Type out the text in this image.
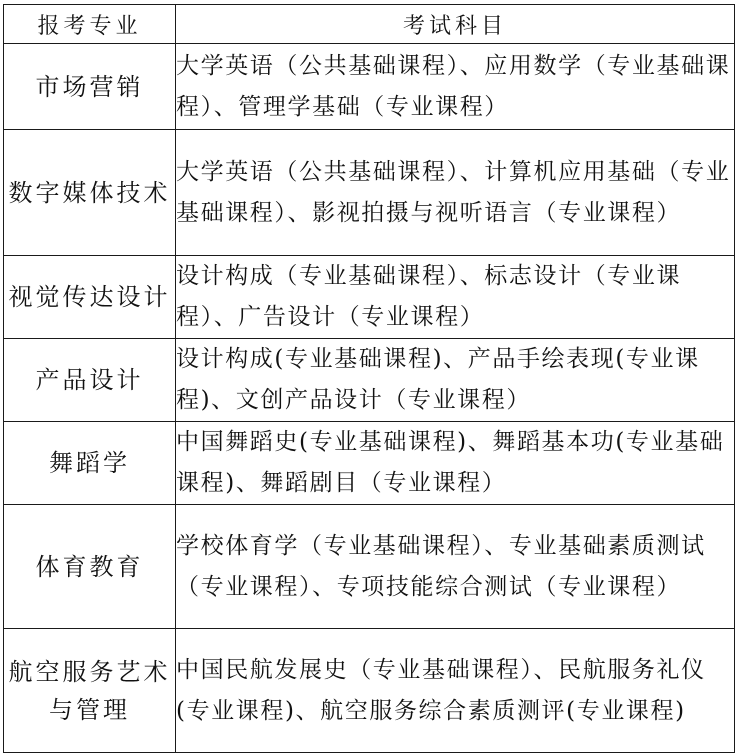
报考专业	考试科目
市场营销	大学英语（公共基础课程）、应用数学（专业基础课程）、管理学基础（专业课程）
数字媒体技术	大学英语（公共基础课程）、计算机应用基础（专业基础课程）、影视拍摄与视听语言（专业课程）
视觉传达设计	设计构成（专业基础课程）、标志设计（专业课程）、广告设计（专业课程）
产品设计	设计构成(专业基础课程)、产品手绘表现(专业课程)、文创产品设计（专业课程）
舞蹈学	中国舞蹈史(专业基础课程)、舞蹈基本功(专业基础课程)、舞蹈剧目（专业课程）
体育教育	学校体育学（专业基础课程）、专业基础素质测试（专业课程）、专项技能综合测试（专业课程）
航空服务艺术与管理	中国民航发展史（专业基础课程）、民航服务礼仪(专业课程)、航空服务综合素质测评(专业课程)
